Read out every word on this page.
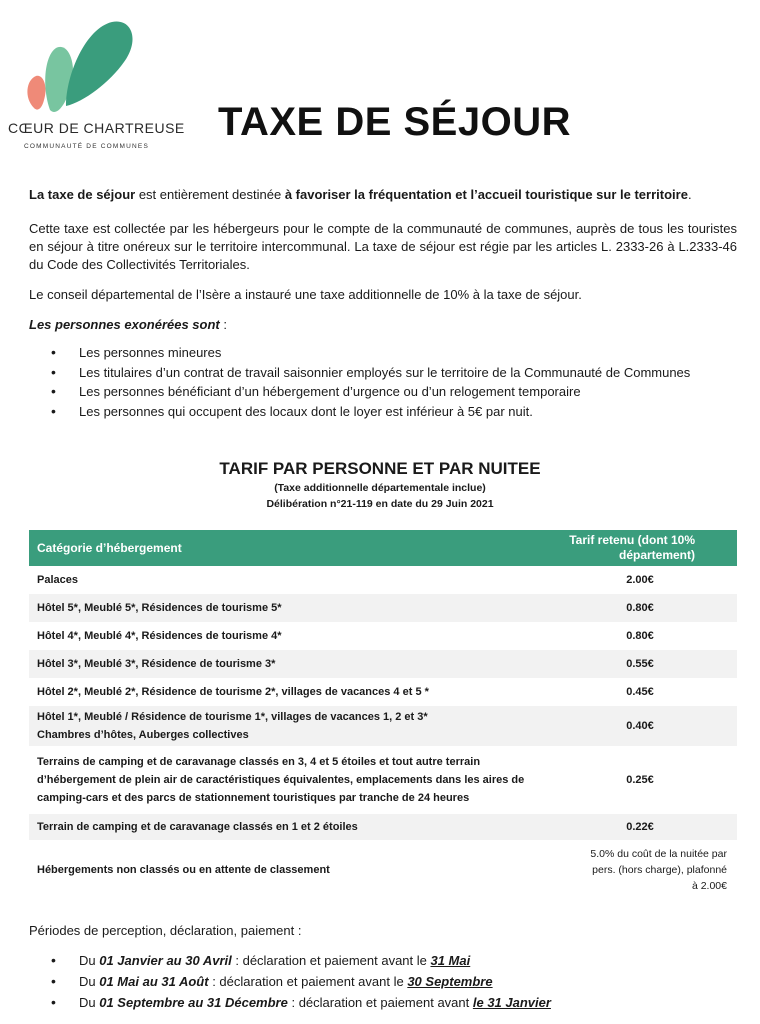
CŒUR DE CHARTREUSE
COMMUNAUTÉ DE COMMUNES
TAXE DE SÉJOUR

La taxe de séjour est entièrement destinée à favoriser la fréquentation et l’accueil touristique sur le territoire.

Cette taxe est collectée par les hébergeurs pour le compte de la communauté de communes, auprès de tous les touristes en séjour à titre onéreux sur le territoire intercommunal. La taxe de séjour est régie par les articles L. 2333-26 à L.2333-46 du Code des Collectivités Territoriales.

Le conseil départemental de l’Isère a instauré une taxe additionnelle de 10% à la taxe de séjour.

Les personnes exonérées sont :

• Les personnes mineures
• Les titulaires d’un contrat de travail saisonnier employés sur le territoire de la Communauté de Communes
• Les personnes bénéficiant d’un hébergement d’urgence ou d’un relogement temporaire
• Les personnes qui occupent des locaux dont le loyer est inférieur à 5€ par nuit.
TARIF PAR PERSONNE ET PAR NUITEE
(Taxe additionnelle départementale inclue)
Délibération n°21-119 en date du 29 Juin 2021
Catégorie d’hébergement	Tarif retenu (dont 10%
département)
Palaces	2.00€
Hôtel 5*, Meublé 5*, Résidences de tourisme 5*	0.80€
Hôtel 4*, Meublé 4*, Résidences de tourisme 4*	0.80€
Hôtel 3*, Meublé 3*, Résidence de tourisme 3*	0.55€
Hôtel 2*, Meublé 2*, Résidence de tourisme 2*, villages de vacances 4 et 5 *	0.45€
Hôtel 1*, Meublé / Résidence de tourisme 1*, villages de vacances 1, 2 et 3*
Chambres d’hôtes, Auberges collectives	0.40€
Terrains de camping et de caravanage classés en 3, 4 et 5 étoiles et tout autre terrain
d’hébergement de plein air de caractéristiques équivalentes, emplacements dans les aires de
camping-cars et des parcs de stationnement touristiques par tranche de 24 heures	0.25€
Terrain de camping et de caravanage classés en 1 et 2 étoiles	0.22€
Hébergements non classés ou en attente de classement	5.0% du coût de la nuitée par
pers. (hors charge), plafonné
à 2.00€

Périodes de perception, déclaration, paiement :

• Du 01 Janvier au 30 Avril : déclaration et paiement avant le 31 Mai
• Du 01 Mai au 31 Août : déclaration et paiement avant le 30 Septembre
• Du 01 Septembre au 31 Décembre : déclaration et paiement avant le 31 Janvier
